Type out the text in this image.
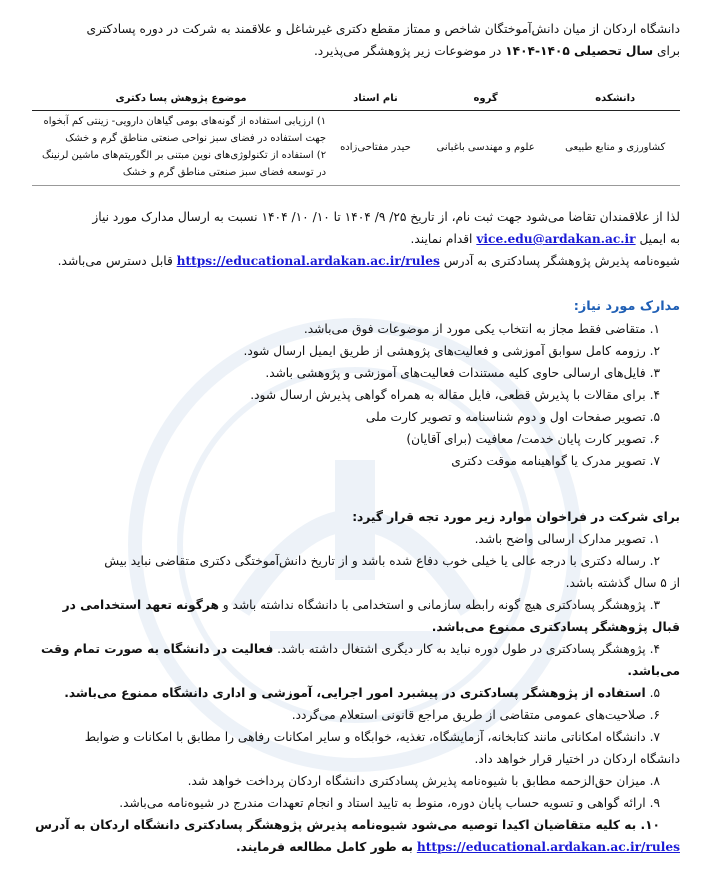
دانشگاه اردکان از میان دانش‌آموختگان شاخص و ممتاز مقطع دکتری غیرشاغل و علاقمند به شرکت در دوره پسادکتری

برای سال تحصیلی ۱۴۰۵-۱۴۰۴ در موضوعات زیر پژوهشگر می‌پذیرد.

دانشکده	گروه	نام استاد	موضوع پژوهش پسا دکتری
کشاورزی و منابع طبیعی	علوم و مهندسی باغبانی	حیدر مفتاحی‌زاده	۱) ارزیابی استفاده از گونه‌های بومی گیاهان دارویی- زینتی کم آبخواه جهت استفاده در فضای سبز نواحی صنعتی مناطق گرم و خشک
۲) استفاده از تکنولوژی‌های نوین مبتنی بر الگوریتم‌های ماشین لرنینگ در توسعه فضای سبز صنعتی مناطق گرم و خشک

لذا از علاقمندان تقاضا می‌شود جهت ثبت نام، از تاریخ ۲۵/ ۹/ ۱۴۰۴ تا ۱۰/ ۱۰/ ۱۴۰۴ نسبت به ارسال مدارک مورد نیاز

به ایمیل vice.edu@ardakan.ac.ir اقدام نمایند.

شیوه‌نامه پذیرش پژوهشگر پسادکتری به آدرس https://educational.ardakan.ac.ir/rules قابل دسترس می‌باشد.

مدارک مورد نیاز:

۱. متقاضی فقط مجاز به انتخاب یکی مورد از موضوعات فوق می‌باشد.
۲. رزومه کامل سوابق آموزشی و فعالیت‌های پژوهشی از طریق ایمیل ارسال شود.
۳. فایل‌های ارسالی حاوی کلیه مستندات فعالیت‌های آموزشی و پژوهشی باشد.
۴. برای مقالات با پذیرش قطعی، فایل مقاله به همراه گواهی پذیرش ارسال شود.
۵. تصویر صفحات اول و دوم شناسنامه و تصویر کارت ملی
۶. تصویر کارت پایان خدمت/ معافیت (برای آقایان)
۷. تصویر مدرک یا گواهینامه موقت دکتری

برای شرکت در فراخوان موارد زیر مورد تجه قرار گیرد:

۱. تصویر مدارک ارسالی واضح باشد.

۲. رساله دکتری با درجه عالی یا خیلی خوب دفاع شده باشد و از تاریخ دانش‌آموختگی دکتری متقاضی نباید بیش

از ۵ سال گذشته باشد.

۳. پژوهشگر پسادکتری هیچ گونه رابطه سازمانی و استخدامی با دانشگاه نداشته باشد و هرگونه تعهد استخدامی در

قبال پژوهشگر پسادکتری ممنوع می‌باشد.

۴. پژوهشگر پسادکتری در طول دوره نباید به کار دیگری اشتغال داشته باشد. فعالیت در دانشگاه به صورت تمام وقت

می‌باشد.

۵. استفاده از پژوهشگر پسادکتری در پیشبرد امور اجرایی، آموزشی و اداری دانشگاه ممنوع می‌باشد.

۶. صلاحیت‌های عمومی متقاضی از طریق مراجع قانونی استعلام می‌گردد.

۷. دانشگاه امکاناتی مانند کتابخانه، آزمایشگاه، تغذیه، خوابگاه و سایر امکانات رفاهی را مطابق با امکانات و ضوابط

دانشگاه اردکان در اختیار قرار خواهد داد.

۸. میزان حق‌الزحمه مطابق با شیوه‌نامه پذیرش پسادکتری دانشگاه اردکان پرداخت خواهد شد.

۹. ارائه گواهی و تسویه حساب پایان دوره، منوط به تایید استاد و انجام تعهدات مندرج در شیوه‌نامه می‌باشد.

۱۰. به کلیه متقاضیان اکیدا توصیه می‌شود شیوه‌نامه پذیرش پژوهشگر پسادکتری دانشگاه اردکان به آدرس

https://educational.ardakan.ac.ir/rules به طور کامل مطالعه فرمایند.
